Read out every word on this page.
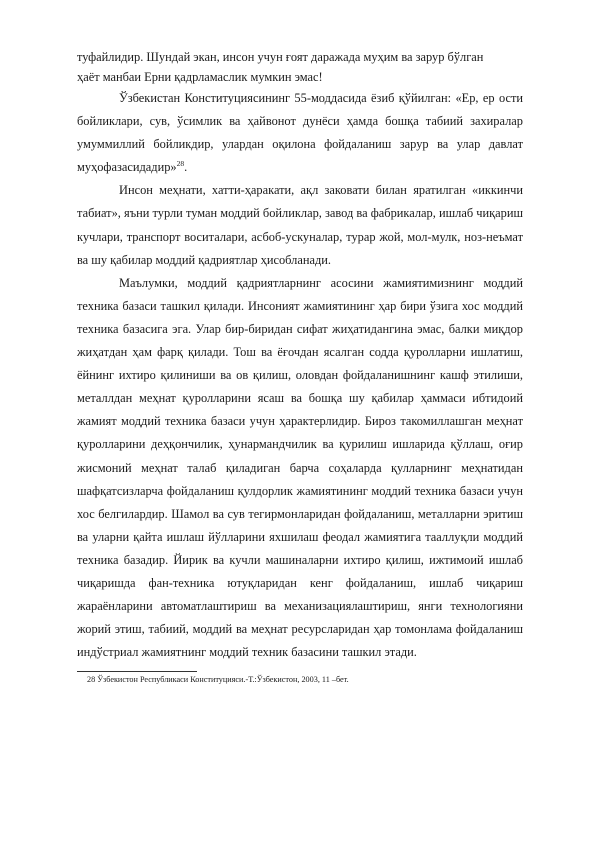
туфайлидир. Шундай экан, инсон учун ғоят даражада муҳим ва зарур бўлган
ҳаёт манбаи Ерни қадрламаслик мумкин эмас!

Ўзбекистан Конституциясининг 55-моддасида ёзиб қўйилган: «Ер, ер ости бойликлари, сув, ўсимлик ва ҳайвонот дунёси ҳамда бошқа табиий захиралар умуммиллий бойликдир, улардан оқилона фойдаланиш зарур ва улар давлат муҳофазасидадир»$^{28}$.

Инсон меҳнати, хатти-ҳаракати, ақл заковати билан яратилган «иккинчи табиат», яъни турли туман моддий бойликлар, завод ва фабрикалар, ишлаб чиқариш кучлари, транспорт воситалари, асбоб-ускуналар, турар жой, мол-мулк, ноз-неъмат ва шу қабилар моддий қадриятлар ҳисобланади.

Маълумки, моддий қадриятларнинг асосини жамиятимизнинг моддий техника базаси ташкил қилади. Инсоният жамиятининг ҳар бири ўзига хос моддий техника базасига эга. Улар бир-биридан сифат жиҳатидангина эмас, балки миқдор жиҳатдан ҳам фарқ қилади. Тош ва ёғочдан ясалган содда қуролларни ишлатиш, ёйнинг ихтиро қилиниши ва ов қилиш, оловдан фойдаланишнинг кашф этилиши, металлдан меҳнат қуролларини ясаш ва бошқа шу қабилар ҳаммаси ибтидоий жамият моддий техника базаси учун ҳарактерлидир. Бироз такомиллашган меҳнат қуролларини деҳқончилик, ҳунармандчилик ва қурилиш ишларида қўллаш, оғир жисмоний меҳнат талаб қиладиган барча соҳаларда қулларнинг меҳнатидан шафқатсизларча фойдаланиш қулдорлик жамиятининг моддий техника базаси учун хос белгилардир. Шамол ва сув тегирмонларидан фойдаланиш, металларни эритиш ва уларни қайта ишлаш йўлларини яхшилаш феодал жамиятига тааллуқли моддий техника базадир. Йирик ва кучли машиналарни ихтиро қилиш, ижтимоий ишлаб чиқаришда фан-техника ютуқларидан кенг фойдаланиш, ишлаб чиқариш жараёнларини автоматлаштириш ва механизациялаштириш, янги технологияни жорий этиш, табиий, моддий ва меҳнат ресурсларидан ҳар томонлама фойдаланиш индўстриал жамиятнинг моддий техник базасини ташкил этади.

28 Ўзбекистон Республикаси Конституцияси.-Т.:Ўзбекистон, 2003, 11 –бет.
